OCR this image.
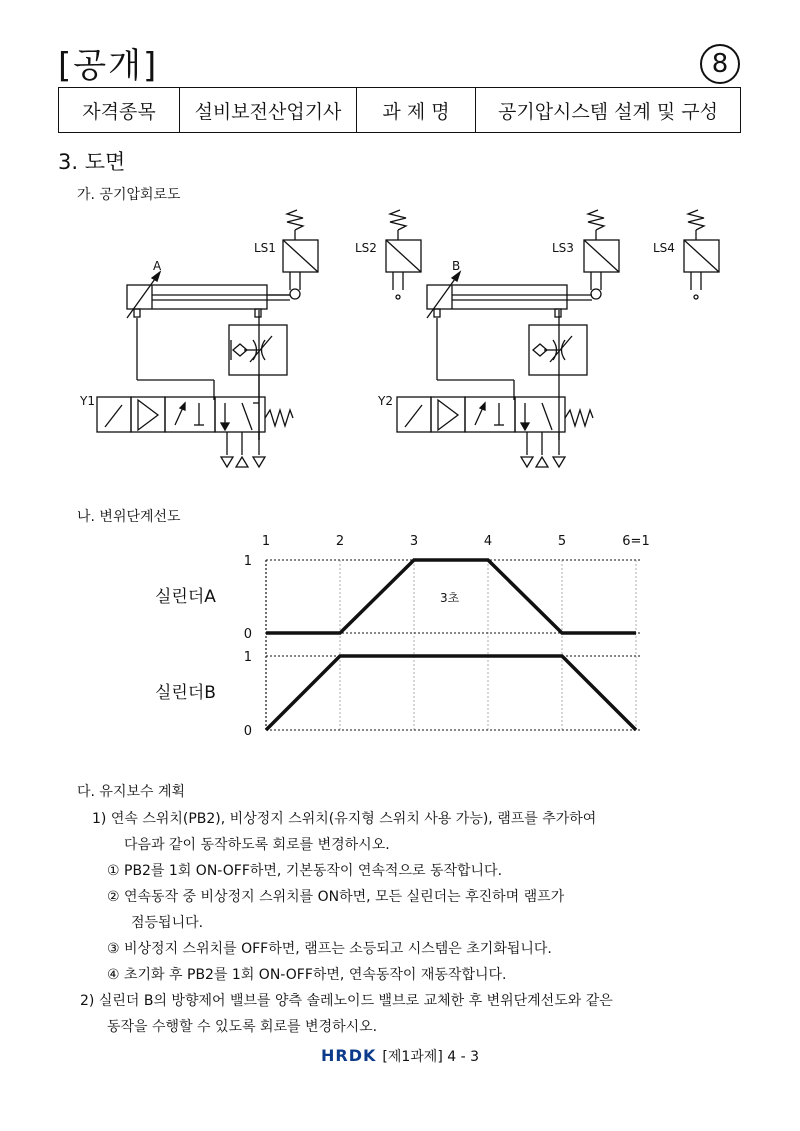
[공개]	8
자격종목	설비보전산업기사	과 제 명	공기압시스템 설계 및 구성
3. 도면
가. 공기압회로도
LS1	LS2	LS3	LS4
A	B
Y1	Y2
나. 변위단계선도
1	2	3	4	5	6=1
1
0
1
0
3초
실린더A
실린더B
다. 유지보수 계획
1) 연속 스위치(PB2), 비상정지 스위치(유지형 스위치 사용 가능), 램프를 추가하여
다음과 같이 동작하도록 회로를 변경하시오.
① PB2를 1회 ON-OFF하면, 기본동작이 연속적으로 동작합니다.
② 연속동작 중 비상정지 스위치를 ON하면, 모든 실린더는 후진하며 램프가
점등됩니다.
③ 비상정지 스위치를 OFF하면, 램프는 소등되고 시스템은 초기화됩니다.
④ 초기화 후 PB2를 1회 ON-OFF하면, 연속동작이 재동작합니다.
2) 실린더 B의 방향제어 밸브를 양측 솔레노이드 밸브로 교체한 후 변위단계선도와 같은
동작을 수행할 수 있도록 회로를 변경하시오.
HRDK [제1과제] 4 - 3
